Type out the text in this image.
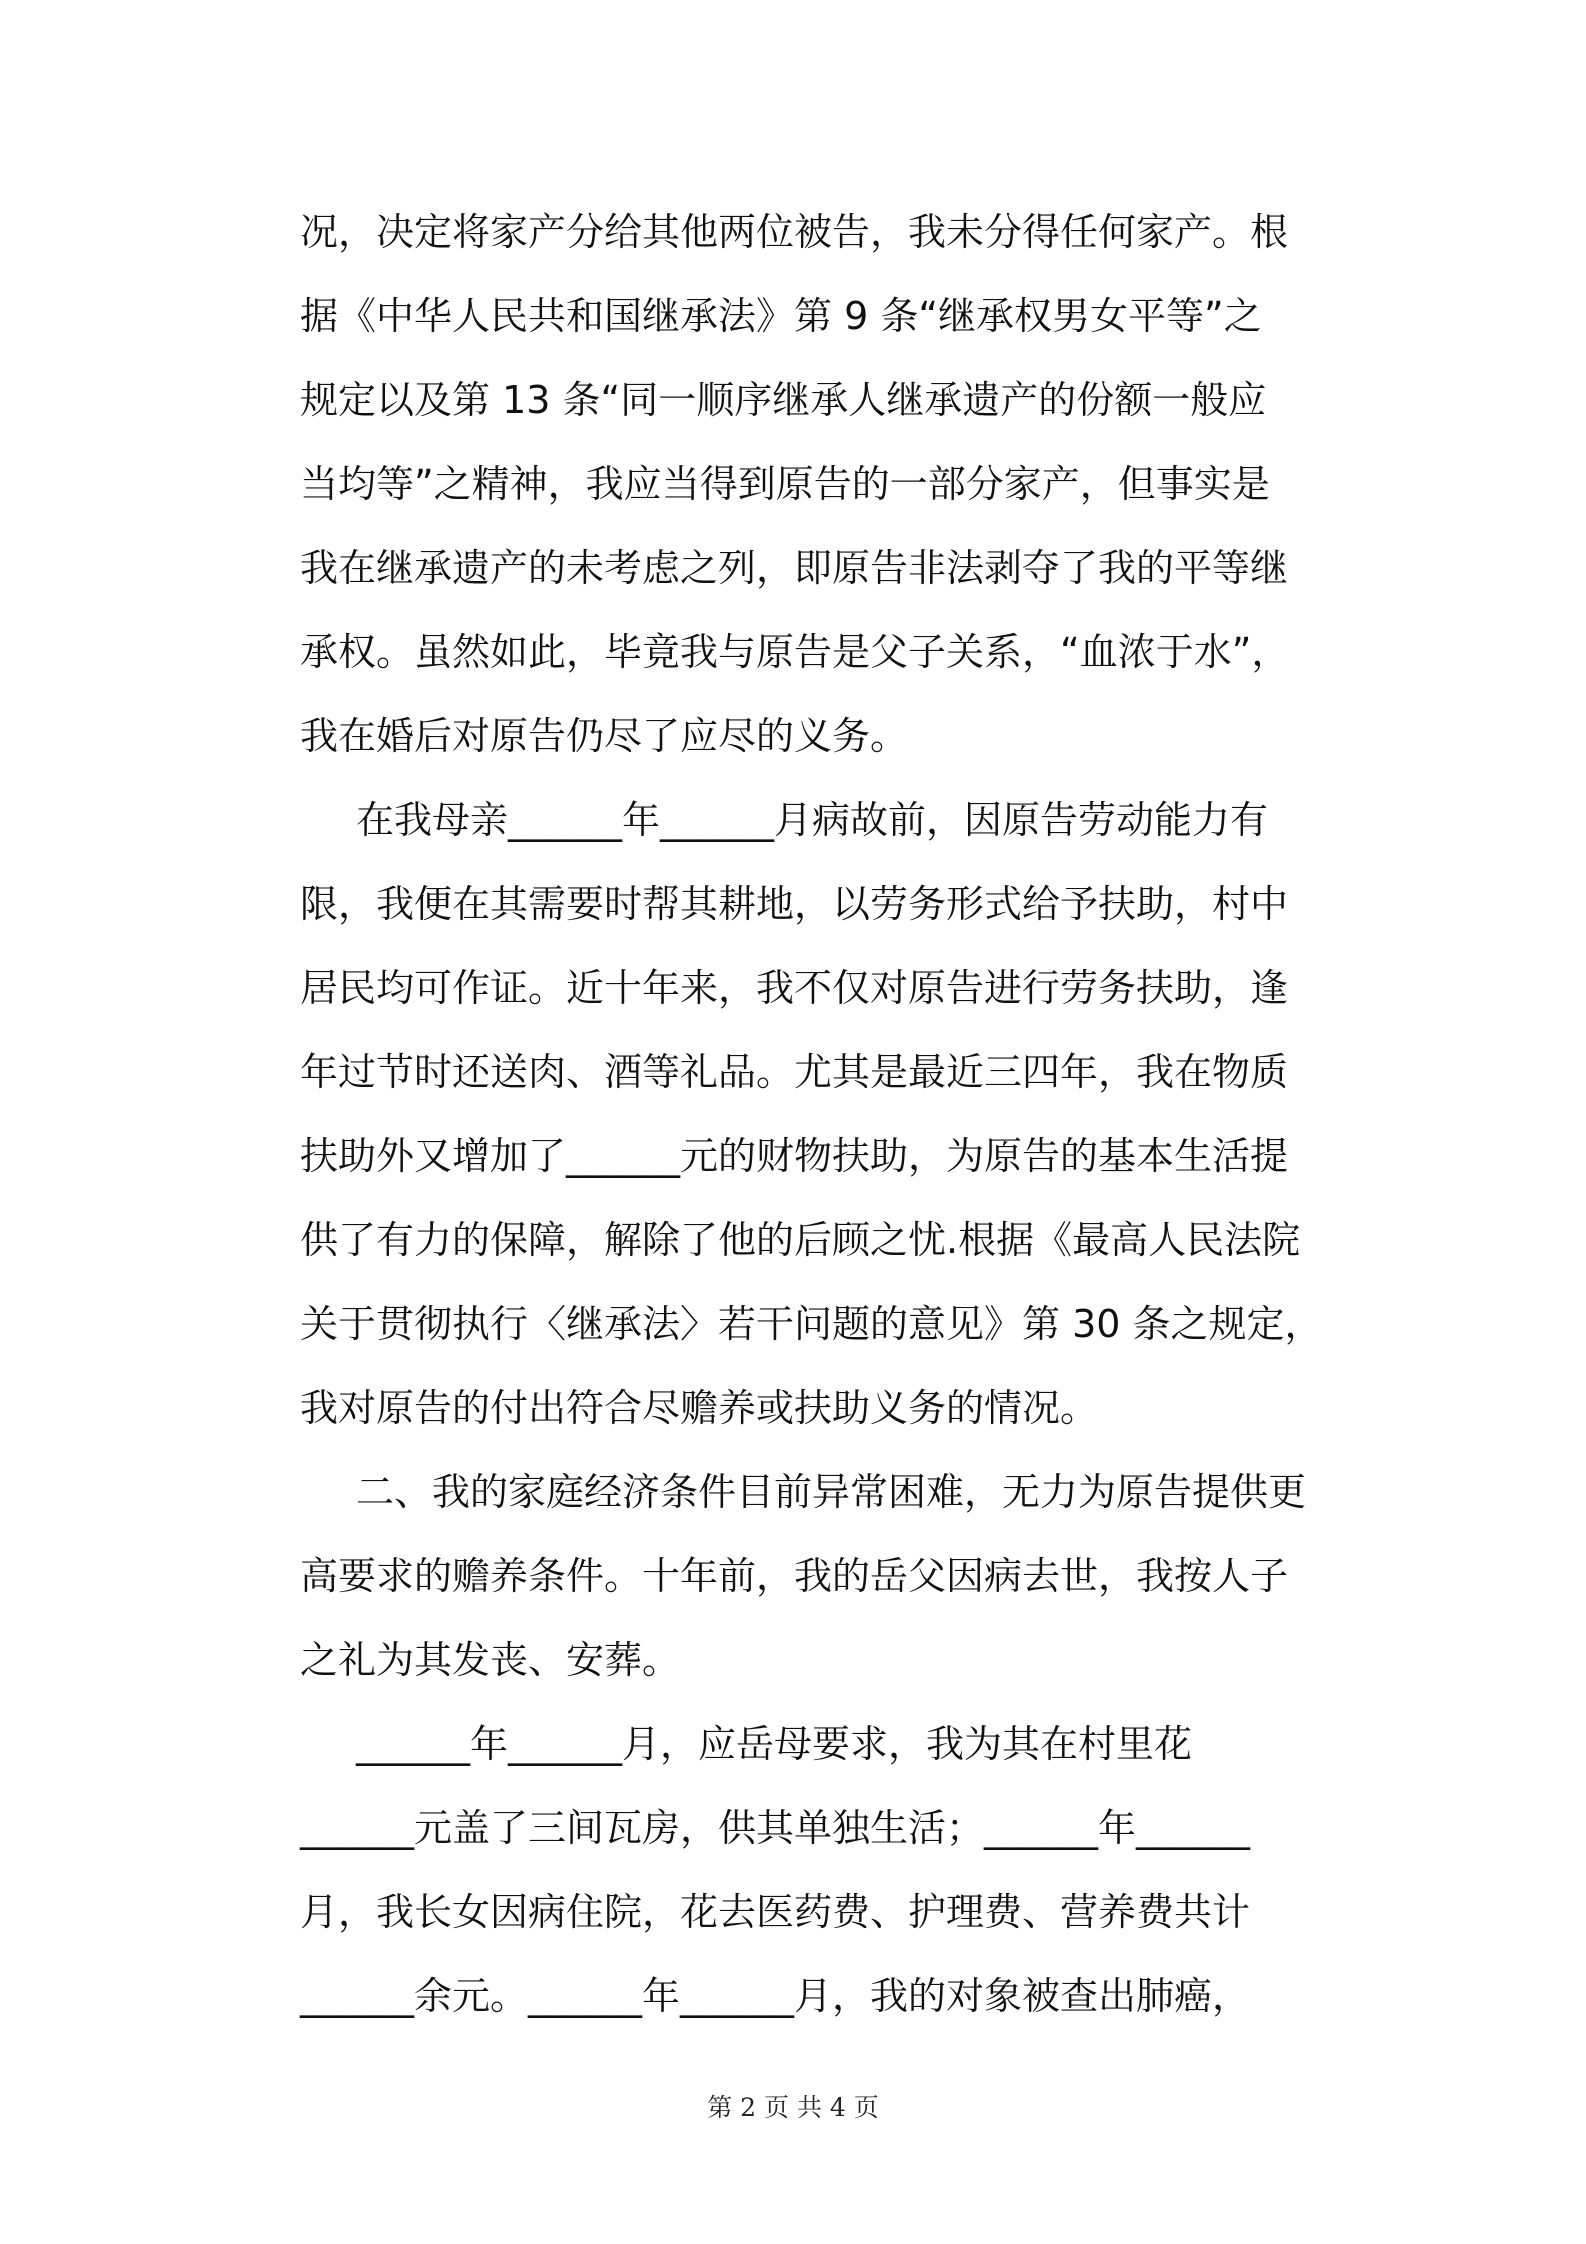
况，决定将家产分给其他两位被告，我未分得任何家产。根
据《中华人民共和国继承法》第 9 条“继承权男女平等”之
规定以及第 13 条“同一顺序继承人继承遗产的份额一般应
当均等”之精神，我应当得到原告的一部分家产，但事实是
我在继承遗产的未考虑之列，即原告非法剥夺了我的平等继
承权。虽然如此，毕竟我与原告是父子关系，“血浓于水”，
我在婚后对原告仍尽了应尽的义务。
在我母亲______年______月病故前，因原告劳动能力有
限，我便在其需要时帮其耕地，以劳务形式给予扶助，村中
居民均可作证。近十年来，我不仅对原告进行劳务扶助，逢
年过节时还送肉、酒等礼品。尤其是最近三四年，我在物质
扶助外又增加了______元的财物扶助，为原告的基本生活提
供了有力的保障，解除了他的后顾之忧.根据《最高人民法院
关于贯彻执行〈继承法〉若干问题的意见》第 30 条之规定，
我对原告的付出符合尽赡养或扶助义务的情况。
二、我的家庭经济条件目前异常困难，无力为原告提供更
高要求的赡养条件。十年前，我的岳父因病去世，我按人子
之礼为其发丧、安葬。
______年______月，应岳母要求，我为其在村里花
______元盖了三间瓦房，供其单独生活；______年______
月，我长女因病住院，花去医药费、护理费、营养费共计
______余元。______年______月，我的对象被查出肺癌，
第 2 页 共 4 页
